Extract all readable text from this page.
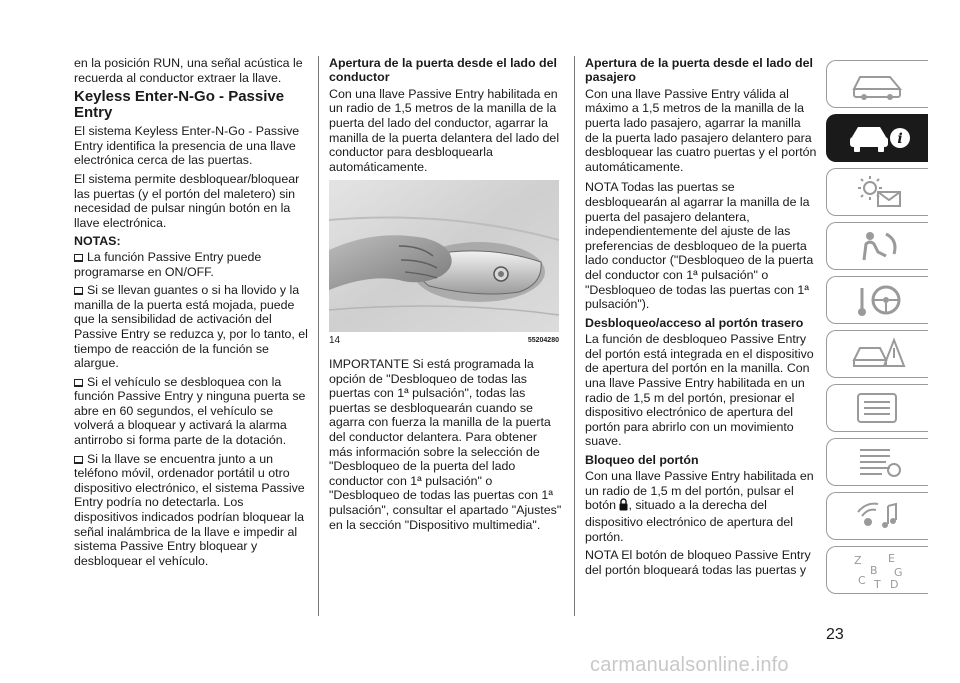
en la posición RUN, una señal acústica le recuerda al conductor extraer la llave.

Keyless Enter-N-Go - Passive Entry

El sistema Keyless Enter-N-Go - Passive Entry identifica la presencia de una llave electrónica cerca de las puertas.

El sistema permite desbloquear/bloquear las puertas (y el portón del maletero) sin necesidad de pulsar ningún botón en la llave electrónica.

NOTAS:

La función Passive Entry puede programarse en ON/OFF.

Si se llevan guantes o si ha llovido y la manilla de la puerta está mojada, puede que la sensibilidad de activación del Passive Entry se reduzca y, por lo tanto, el tiempo de reacción de la función se alargue.

Si el vehículo se desbloquea con la función Passive Entry y ninguna puerta se abre en 60 segundos, el vehículo se volverá a bloquear y activará la alarma antirrobo si forma parte de la dotación.

Si la llave se encuentra junto a un teléfono móvil, ordenador portátil u otro dispositivo electrónico, el sistema Passive Entry podría no detectarla. Los dispositivos indicados podrían bloquear la señal inalámbrica de la llave e impedir al sistema Passive Entry bloquear y desbloquear el vehículo.

Apertura de la puerta desde el lado del conductor

Con una llave Passive Entry habilitada en un radio de 1,5 metros de la manilla de la puerta del lado del conductor, agarrar la manilla de la puerta delantera del lado del conductor para desbloquearla automáticamente.

14	55204280

IMPORTANTE Si está programada la opción de "Desbloqueo de todas las puertas con 1ª pulsación", todas las puertas se desbloquearán cuando se agarra con fuerza la manilla de la puerta del conductor delantera. Para obtener más información sobre la selección de "Desbloqueo de la puerta del lado conductor con 1ª pulsación" o "Desbloqueo de todas las puertas con 1ª pulsación", consultar el apartado "Ajustes" en la sección "Dispositivo multimedia".

Apertura de la puerta desde el lado del pasajero

Con una llave Passive Entry válida al máximo a 1,5 metros de la manilla de la puerta lado pasajero, agarrar la manilla de la puerta lado pasajero delantero para desbloquear las cuatro puertas y el portón automáticamente.

NOTA Todas las puertas se desbloquearán al agarrar la manilla de la puerta del pasajero delantera, independientemente del ajuste de las preferencias de desbloqueo de la puerta lado conductor ("Desbloqueo de la puerta del conductor con 1ª pulsación" o "Desbloqueo de todas las puertas con 1ª pulsación").

Desbloqueo/acceso al portón trasero

La función de desbloqueo Passive Entry del portón está integrada en el dispositivo de apertura del portón en la manilla. Con una llave Passive Entry habilitada en un radio de 1,5 m del portón, presionar el dispositivo electrónico de apertura del portón para abrirlo con un movimiento suave.

Bloqueo del portón

Con una llave Passive Entry habilitada en un radio de 1,5 m del portón, pulsar el botón , situado a la derecha del dispositivo electrónico de apertura del portón.

NOTA El botón de bloqueo Passive Entry del portón bloqueará todas las puertas y

i
Z E
B G
C T D
23
carmanualsonline.info
